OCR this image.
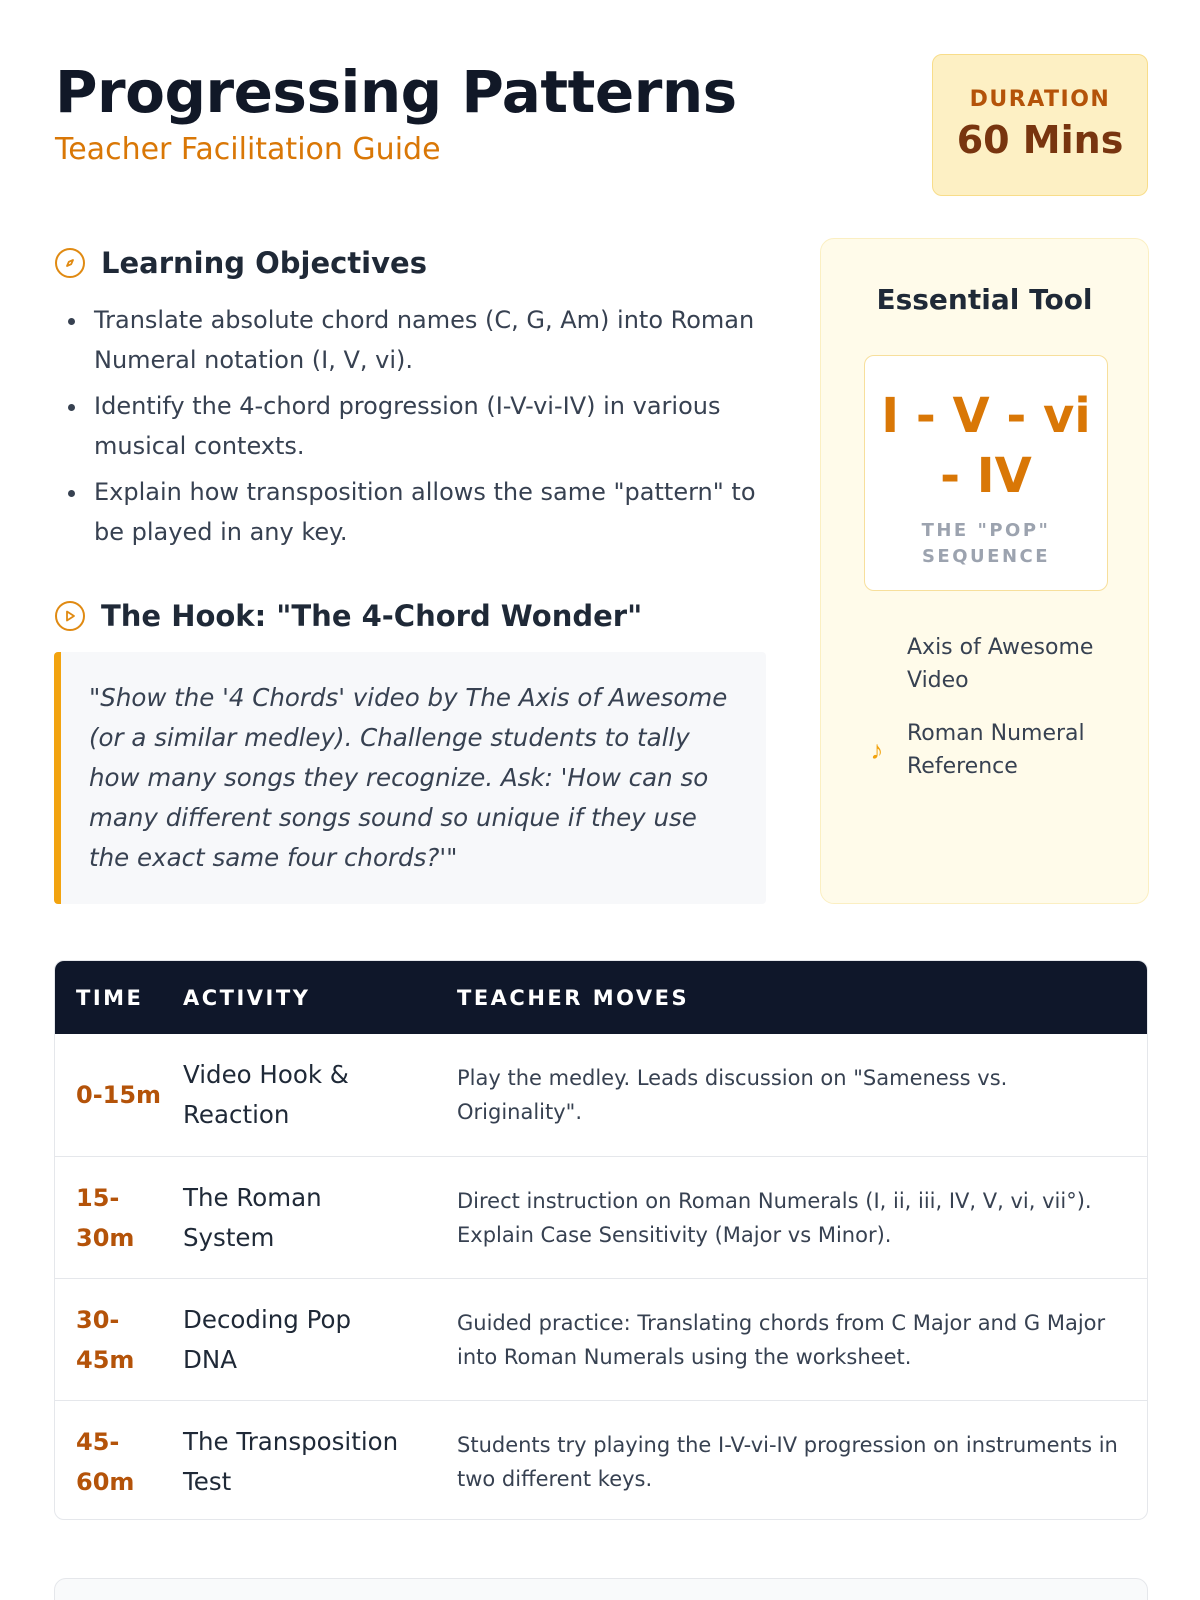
Progressing Patterns
Teacher Facilitation Guide
DURATION
60 Mins
Learning Objectives
Translate absolute chord names (C, G, Am) into Roman Numeral notation (I, V, vi).
Identify the 4-chord progression (I-V-vi-IV) in various musical contexts.
Explain how transposition allows the same "pattern" to be played in any key.
The Hook: "The 4-Chord Wonder"

"Show the '4 Chords' video by The Axis of Awesome (or a similar medley). Challenge students to tally how many songs they recognize. Ask: 'How can so many different songs sound so unique if they use the exact same four chords?'"

Essential Tool
I - V - vi - IV
THE "POP" SEQUENCE
Axis of Awesome Video
♪
Roman Numeral Reference
TIME	ACTIVITY	TEACHER MOVES
0-15m
Video Hook & Reaction
Play the medley. Leads discussion on "Sameness vs. Originality".
15-30m
The Roman System
Direct instruction on Roman Numerals (I, ii, iii, IV, V, vi, vii°). Explain Case Sensitivity (Major vs Minor).
30-45m
Decoding Pop DNA
Guided practice: Translating chords from C Major and G Major into Roman Numerals using the worksheet.
45-60m
The Transposition Test
Students try playing the I-V-vi-IV progression on instruments in two different keys.
